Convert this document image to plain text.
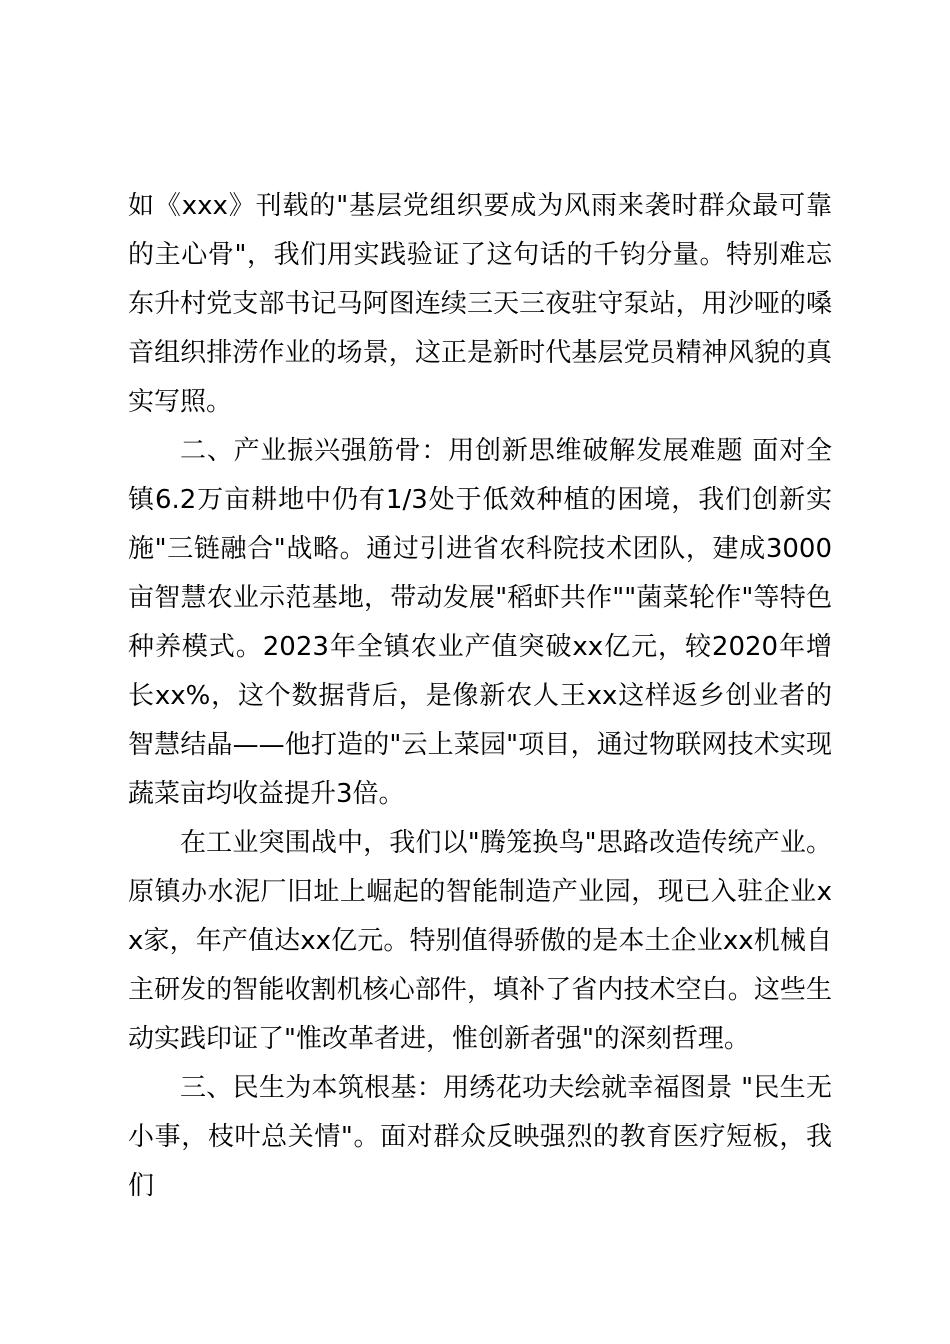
如《xxx》刊载的"基层党组织要成为风雨来袭时群众最可靠的主心骨"，我们用实践验证了这句话的千钧分量。特别难忘东升村党支部书记马阿图连续三天三夜驻守泵站，用沙哑的嗓音组织排涝作业的场景，这正是新时代基层党员精神风貌的真实写照。

二、产业振兴强筋骨：用创新思维破解发展难题 面对全镇6.2万亩耕地中仍有1/3处于低效种植的困境，我们创新实施"三链融合"战略。通过引进省农科院技术团队，建成3000亩智慧农业示范基地，带动发展"稻虾共作""菌菜轮作"等特色种养模式。2023年全镇农业产值突破xx亿元，较2020年增长xx%，这个数据背后，是像新农人王xx这样返乡创业者的智慧结晶——他打造的"云上菜园"项目，通过物联网技术实现蔬菜亩均收益提升3倍。

在工业突围战中，我们以"腾笼换鸟"思路改造传统产业。原镇办水泥厂旧址上崛起的智能制造产业园，现已入驻企业xx家，年产值达xx亿元。特别值得骄傲的是本土企业xx机械自主研发的智能收割机核心部件，填补了省内技术空白。这些生动实践印证了"惟改革者进，惟创新者强"的深刻哲理。

三、民生为本筑根基：用绣花功夫绘就幸福图景 "民生无小事，枝叶总关情"。面对群众反映强烈的教育医疗短板，我们
